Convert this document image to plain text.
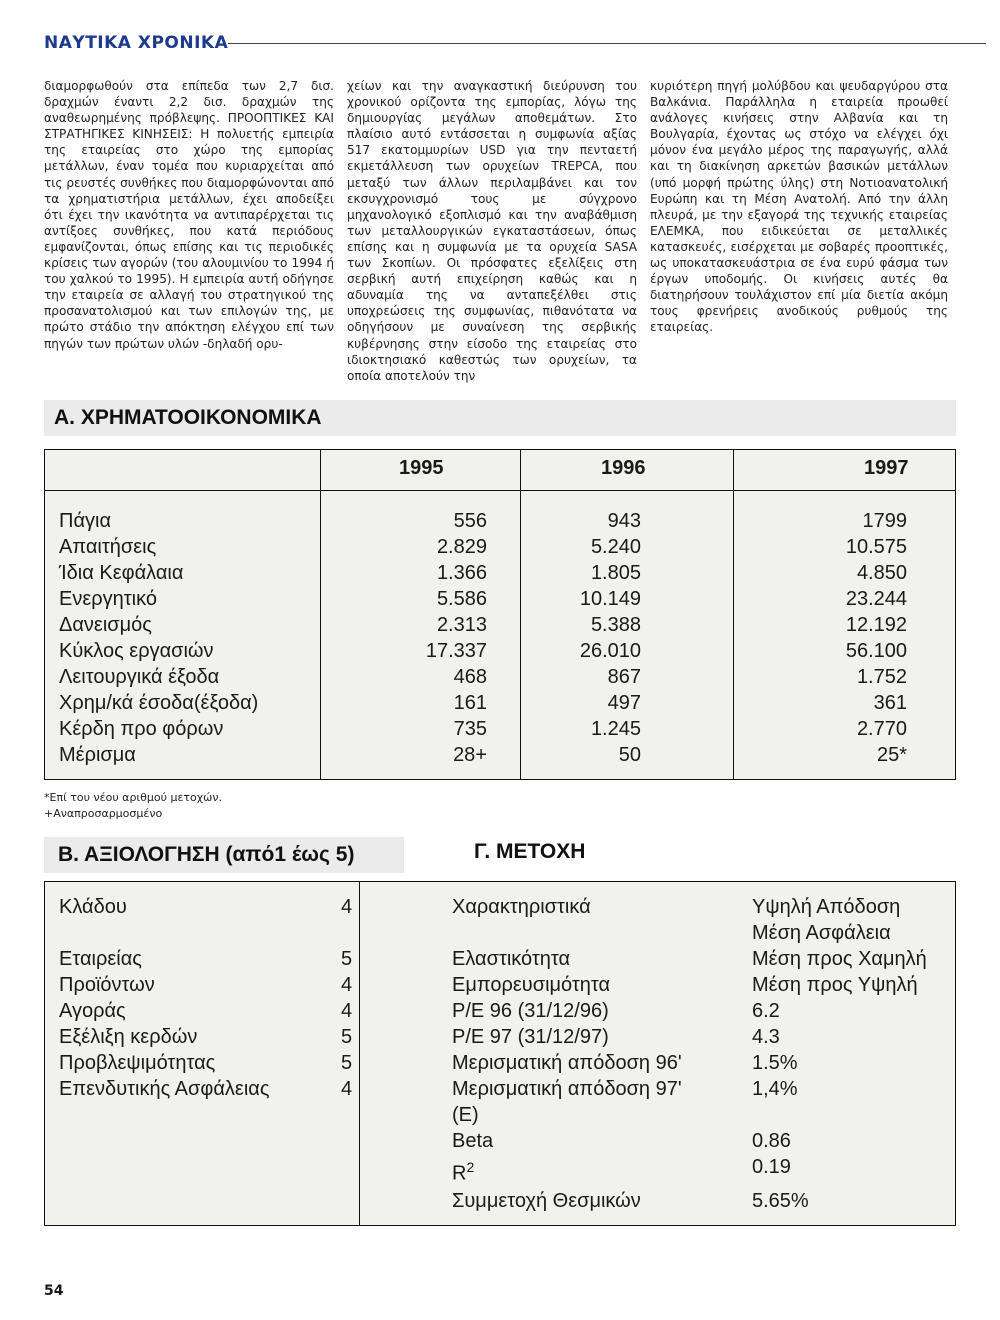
ΝΑΥΤΙΚΑ ΧΡΟΝΙΚΑ

διαμορφωθούν στα επίπεδα των 2,7 δισ. δραχμών έναντι 2,2 δισ. δραχμών της αναθεωρημένης πρόβλεψης. ΠΡΟΟΠΤΙΚΕΣ ΚΑΙ ΣΤΡΑΤΗΓΙΚΕΣ ΚΙΝΗΣΕΙΣ: Η πολυετής εμπειρία της εταιρείας στο χώρο της εμπορίας μετάλλων, έναν τομέα που κυριαρχείται από τις ρευστές συνθήκες που διαμορφώνονται από τα χρηματιστήρια μετάλλων, έχει αποδείξει ότι έχει την ικανότητα να αντιπαρέρχεται τις αντίξοες συνθήκες, που κατά περιόδους εμφανίζονται, όπως επίσης και τις περιοδικές κρίσεις των αγορών (του αλουμινίου το 1994 ή του χαλκού το 1995). Η εμπειρία αυτή οδήγησε την εταιρεία σε αλλαγή του στρατηγικού της προσανατολισμού και των επιλογών της, με πρώτο στάδιο την απόκτηση ελέγχου επί των πηγών των πρώτων υλών -δηλαδή ορυ-

χείων και την αναγκαστική διεύρυνση του χρονικού ορίζοντα της εμπορίας, λόγω της δημιουργίας μεγάλων αποθεμάτων. Στο πλαίσιο αυτό εντάσσεται η συμφωνία αξίας 517 εκατομμυρίων USD για την πενταετή εκμετάλλευση των ορυχείων TREPCA, που μεταξύ των άλλων περιλαμβάνει και τον εκσυγχρονισμό τους με σύγχρονο μηχανολογικό εξοπλισμό και την αναβάθμιση των μεταλλουργικών εγκαταστάσεων, όπως επίσης και η συμφωνία με τα ορυχεία SASA των Σκοπίων. Οι πρόσφατες εξελίξεις στη σερβική αυτή επιχείρηση καθώς και η αδυναμία της να ανταπεξέλθει στις υποχρεώσεις της συμφωνίας, πιθανότατα να οδηγήσουν με συναίνεση της σερβικής κυβέρνησης στην είσοδο της εταιρείας στο ιδιοκτησιακό καθεστώς των ορυχείων, τα οποία αποτελούν την

κυριότερη πηγή μολύβδου και ψευδαργύρου στα Βαλκάνια. Παράλληλα η εταιρεία προωθεί ανάλογες κινήσεις στην Αλβανία και τη Βουλγαρία, έχοντας ως στόχο να ελέγχει όχι μόνον ένα μεγάλο μέρος της παραγωγής, αλλά και τη διακίνηση αρκετών βασικών μετάλλων (υπό μορφή πρώτης ύλης) στη Νοτιοανατολική Ευρώπη και τη Μέση Ανατολή. Από την άλλη πλευρά, με την εξαγορά της τεχνικής εταιρείας ΕΛΕΜΚΑ, που ειδικεύεται σε μεταλλικές κατασκευές, εισέρχεται με σοβαρές προοπτικές, ως υποκατασκευάστρια σε ένα ευρύ φάσμα των έργων υποδομής. Οι κινήσεις αυτές θα διατηρήσουν τουλάχιστον επί μία διετία ακόμη τους φρενήρεις ανοδικούς ρυθμούς της εταιρείας.

Α. ΧΡΗΜΑΤΟΟΙΚΟΝΟΜΙΚΑ
1995	1996	1997
Πάγια	556	943	1799
Απαιτήσεις	2.829	5.240	10.575
Ίδια Κεφάλαια	1.366	1.805	4.850
Ενεργητικό	5.586	10.149	23.244
Δανεισμός	2.313	5.388	12.192
Κύκλος εργασιών	17.337	26.010	56.100
Λειτουργικά έξοδα	468	867	1.752
Χρημ/κά έσοδα(έξοδα)	161	497	361
Κέρδη προ φόρων	735	1.245	2.770
Μέρισμα	28+	50	25*
*Επί του νέου αριθμού μετοχών.
+Αναπροσαρμοσμένο
Β. ΑΞΙΟΛΟΓΗΣΗ (από1 έως 5)	Γ. ΜΕΤΟΧΗ
Κλάδου	4
Εταιρείας	5
Προϊόντων	4
Αγοράς	4
Εξέλιξη κερδών	5
Προβλεψιμότητας	5
Επενδυτικής Ασφάλειας	4
Χαρακτηριστικά	Υψηλή Απόδοση
Μέση Ασφάλεια
Ελαστικότητα	Μέση προς Χαμηλή
Εμπορευσιμότητα	Μέση προς Υψηλή
P/E 96 (31/12/96)	6.2
P/E 97 (31/12/97)	4.3
Μερισματική απόδοση 96'	1.5%
Μερισματική απόδοση 97'	1,4%
(E)
Beta	0.86
$R^2$	0.19
Συμμετοχή Θεσμικών	5.65%
54
